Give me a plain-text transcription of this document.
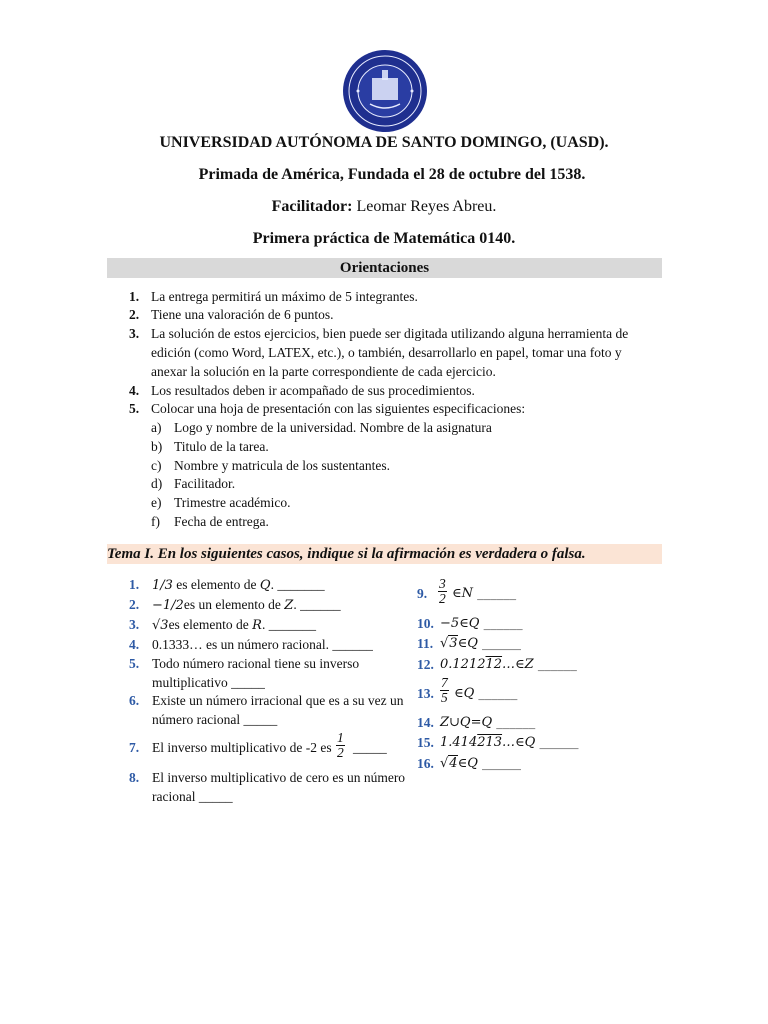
UNIVERSIDAD AUTÓNOMA DE SANTO DOMINGO, (UASD).
Primada de América, Fundada el 28 de octubre del 1538.
Facilitador: Leomar Reyes Abreu.
Primera práctica de Matemática 0140.
Orientaciones
1. La entrega permitirá un máximo de 5 integrantes.
2. Tiene una valoración de 6 puntos.
3. La solución de estos ejercicios, bien puede ser digitada utilizando alguna herramienta de
edición (como Word, LATEX, etc.), o también, desarrollarlo en papel, tomar una foto y
anexar la solución en la parte correspondiente de cada ejercicio.
4. Los resultados deben ir acompañado de sus procedimientos.
5. Colocar una hoja de presentación con las siguientes especificaciones:
a) Logo y nombre de la universidad. Nombre de la asignatura
b) Titulo de la tarea.
c) Nombre y matricula de los sustentantes.
d) Facilitador.
e) Trimestre académico.
f) Fecha de entrega.
Tema I. En los siguientes casos, indique si la afirmación es verdadera o falsa.
1. 1/3 es elemento de Q. _______
2. −1/2es un elemento de Z. ______
3. √3es elemento de R. _______
4. 0.1333… es un número racional. ______
5. Todo número racional tiene su inverso
multiplicativo _____
6. Existe un número irracional que es a su vez un
número racional _____
7. El inverso multiplicativo de -2 es $\frac{1}{2}$ _____
8. El inverso multiplicativo de cero es un número
racional _____
9. $\frac{3}{2}$ ∈N ______
10. −5∈Q ______
11. √3∈Q ______
12. 0.121212…∈Z ______
13. $\frac{7}{5}$ ∈Q ______
14. Z∪Q=Q ______
15. 1.414213…∈Q ______
16. √4∈Q ______
